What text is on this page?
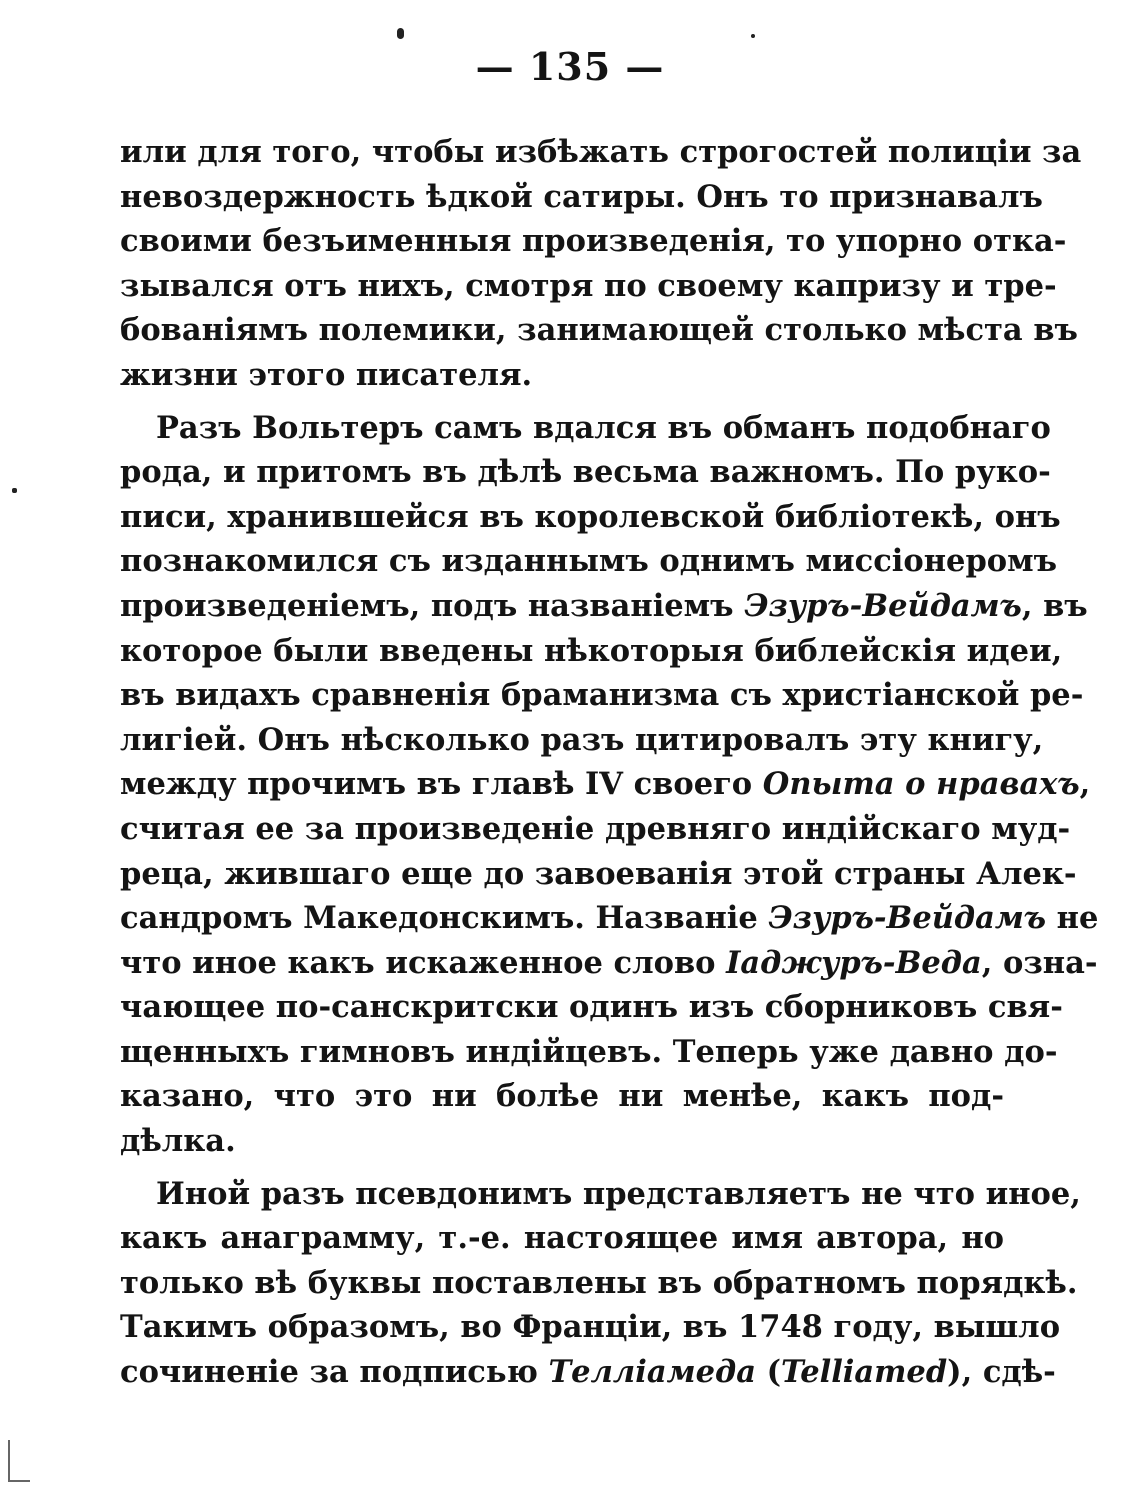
— 135 —
или для того, чтобы избѣжать строгостей полиціи за
невоздержность ѣдкой сатиры. Онъ то признавалъ
своими безъименныя произведенія, то упорно отка-
зывался отъ нихъ, смотря по своему капризу и тре-
бованіямъ полемики, занимающей столько мѣста въ
жизни этого писателя.
Разъ Вольтеръ самъ вдался въ обманъ подобнаго
рода, и притомъ въ дѣлѣ весьма важномъ. По руко-
писи, хранившейся въ королевской библіотекѣ, онъ
познакомился съ изданнымъ однимъ миссіонеромъ
произведеніемъ, подъ названіемъ Эзуръ-Вейдамъ, въ
которое были введены нѣкоторыя библейскія идеи,
въ видахъ сравненія браманизма съ христіанской ре-
лигіей. Онъ нѣсколько разъ цитировалъ эту книгу,
между прочимъ въ главѣ IV своего Опыта о нравахъ,
считая ее за произведеніе древняго индійскаго муд-
реца, жившаго еще до завоеванія этой страны Алек-
сандромъ Македонскимъ. Названіе Эзуръ-Вейдамъ не
что иное какъ искаженное слово Іаджуръ-Веда, озна-
чающее по-санскритски одинъ изъ сборниковъ свя-
щенныхъ гимновъ индійцевъ. Теперь уже давно до-
казано, что это ни болѣе ни менѣе, какъ под-
дѣлка.
Иной разъ псевдонимъ представляетъ не что иное,
какъ анаграмму, т.-е. настоящее имя автора, но
только вѣ буквы поставлены въ обратномъ порядкѣ.
Такимъ образомъ, во Франціи, въ 1748 году, вышло
сочиненіе за подписью Телліамеда (Telliamed), сдѣ-
